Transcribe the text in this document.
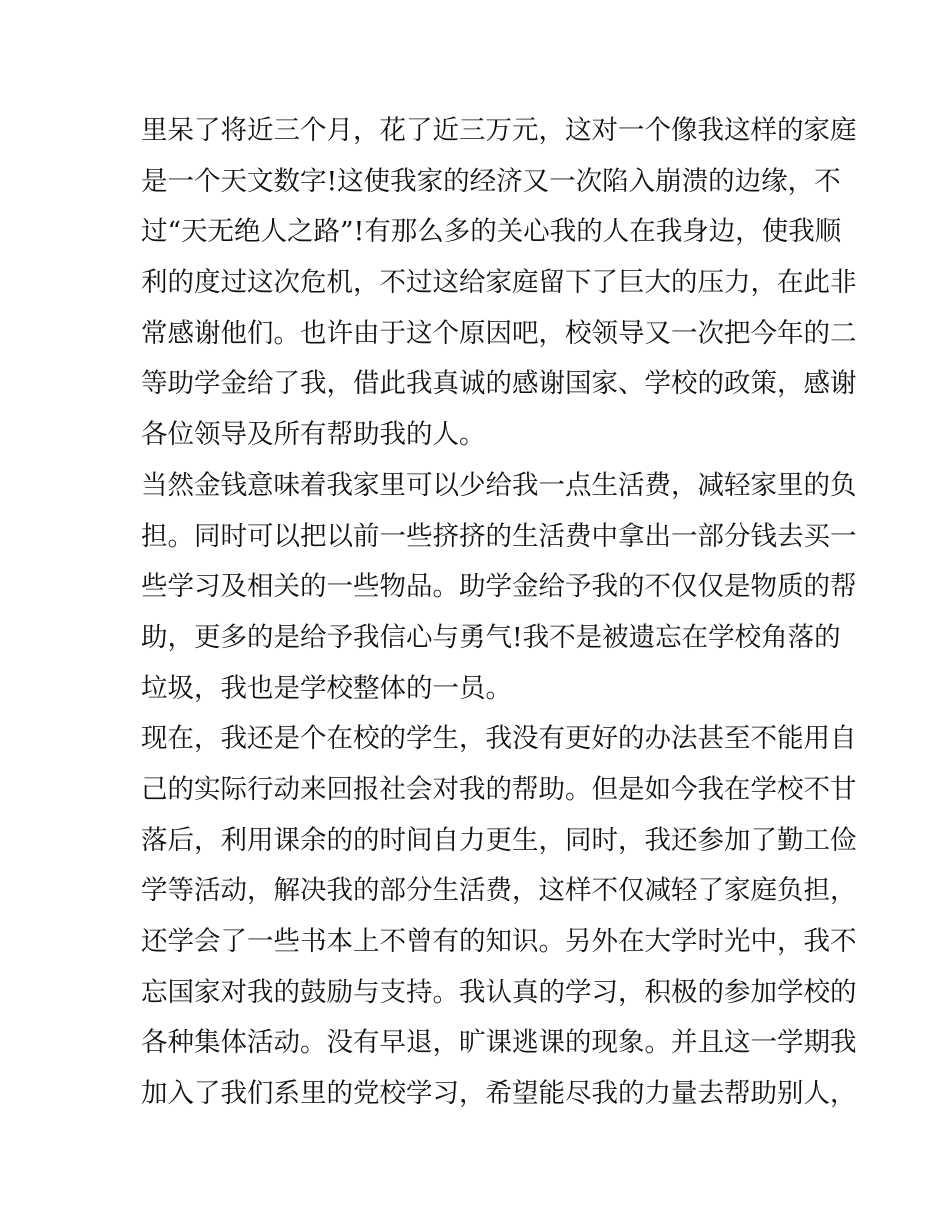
里呆了将近三个月，花了近三万元，这对一个像我这样的家庭
是一个天文数字!这使我家的经济又一次陷入崩溃的边缘，不
过“天无绝人之路”!有那么多的关心我的人在我身边，使我顺
利的度过这次危机，不过这给家庭留下了巨大的压力，在此非
常感谢他们。也许由于这个原因吧，校领导又一次把今年的二
等助学金给了我，借此我真诚的感谢国家、学校的政策，感谢
各位领导及所有帮助我的人。
当然金钱意味着我家里可以少给我一点生活费，减轻家里的负
担。同时可以把以前一些挤挤的生活费中拿出一部分钱去买一
些学习及相关的一些物品。助学金给予我的不仅仅是物质的帮
助，更多的是给予我信心与勇气!我不是被遗忘在学校角落的
垃圾，我也是学校整体的一员。
现在，我还是个在校的学生，我没有更好的办法甚至不能用自
己的实际行动来回报社会对我的帮助。但是如今我在学校不甘
落后，利用课余的的时间自力更生，同时，我还参加了勤工俭
学等活动，解决我的部分生活费，这样不仅减轻了家庭负担，
还学会了一些书本上不曾有的知识。另外在大学时光中，我不
忘国家对我的鼓励与支持。我认真的学习，积极的参加学校的
各种集体活动。没有早退，旷课逃课的现象。并且这一学期我
加入了我们系里的党校学习，希望能尽我的力量去帮助别人，
